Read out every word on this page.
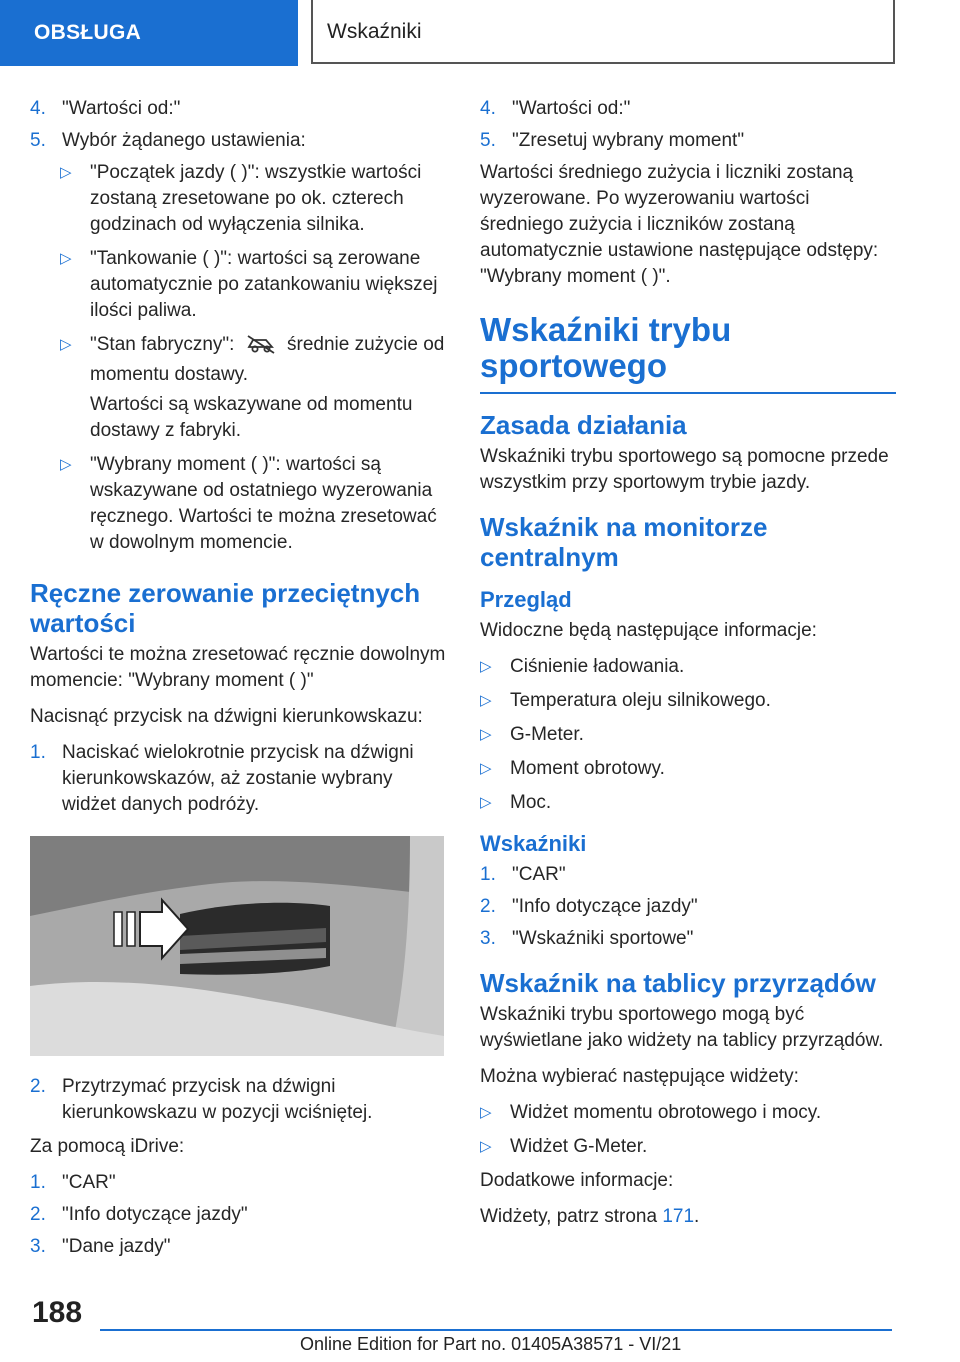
OBSŁUGA	Wskaźniki
4. "Wartości od:"
5. Wybór żądanego ustawienia:
▷ "Początek jazdy ( )": wszystkie wartości zostaną zresetowane po ok. czterech godzinach od wyłączenia silnika.
▷ "Tankowanie ( )": wartości są zerowane automatycznie po zatankowaniu większej ilości paliwa.
▷ "Stan fabryczny":	średnie zużycie od momentu dostawy.
Wartości są wskazywane od momentu dostawy z fabryki.
▷ "Wybrany moment ( )": wartości są wskazywane od ostatniego wyzerowania ręcznego. Wartości te można zresetować w dowolnym momencie.
Ręczne zerowanie przeciętnych wartości
Wartości te można zresetować ręcznie dowolnym momencie: "Wybrany moment ( )"
Nacisnąć przycisk na dźwigni kierunkowskazu:
1. Naciskać wielokrotnie przycisk na dźwigni kierunkowskazów, aż zostanie wybrany widżet danych podróży.
2. Przytrzymać przycisk na dźwigni kierunkowskazu w pozycji wciśniętej.
Za pomocą iDrive:
1. "CAR"
2. "Info dotyczące jazdy"
3. "Dane jazdy"
4. "Wartości od:"
5. "Zresetuj wybrany moment"
Wartości średniego zużycia i liczniki zostaną wyzerowane. Po wyzerowaniu wartości średniego zużycia i liczników zostaną automatycznie ustawione następujące odstępy: "Wybrany moment ( )".
Wskaźniki trybu sportowego
Zasada działania
Wskaźniki trybu sportowego są pomocne przede wszystkim przy sportowym trybie jazdy.
Wskaźnik na monitorze centralnym
Przegląd
Widoczne będą następujące informacje:
▷ Ciśnienie ładowania.
▷ Temperatura oleju silnikowego.
▷ G-Meter.
▷ Moment obrotowy.
▷ Moc.
Wskaźniki
1. "CAR"
2. "Info dotyczące jazdy"
3. "Wskaźniki sportowe"
Wskaźnik na tablicy przyrządów
Wskaźniki trybu sportowego mogą być wyświetlane jako widżety na tablicy przyrządów.
Można wybierać następujące widżety:
▷ Widżet momentu obrotowego i mocy.
▷ Widżet G-Meter.
Dodatkowe informacje:
Widżety, patrz strona 171.
188
Online Edition for Part no. 01405A38571 - VI/21
